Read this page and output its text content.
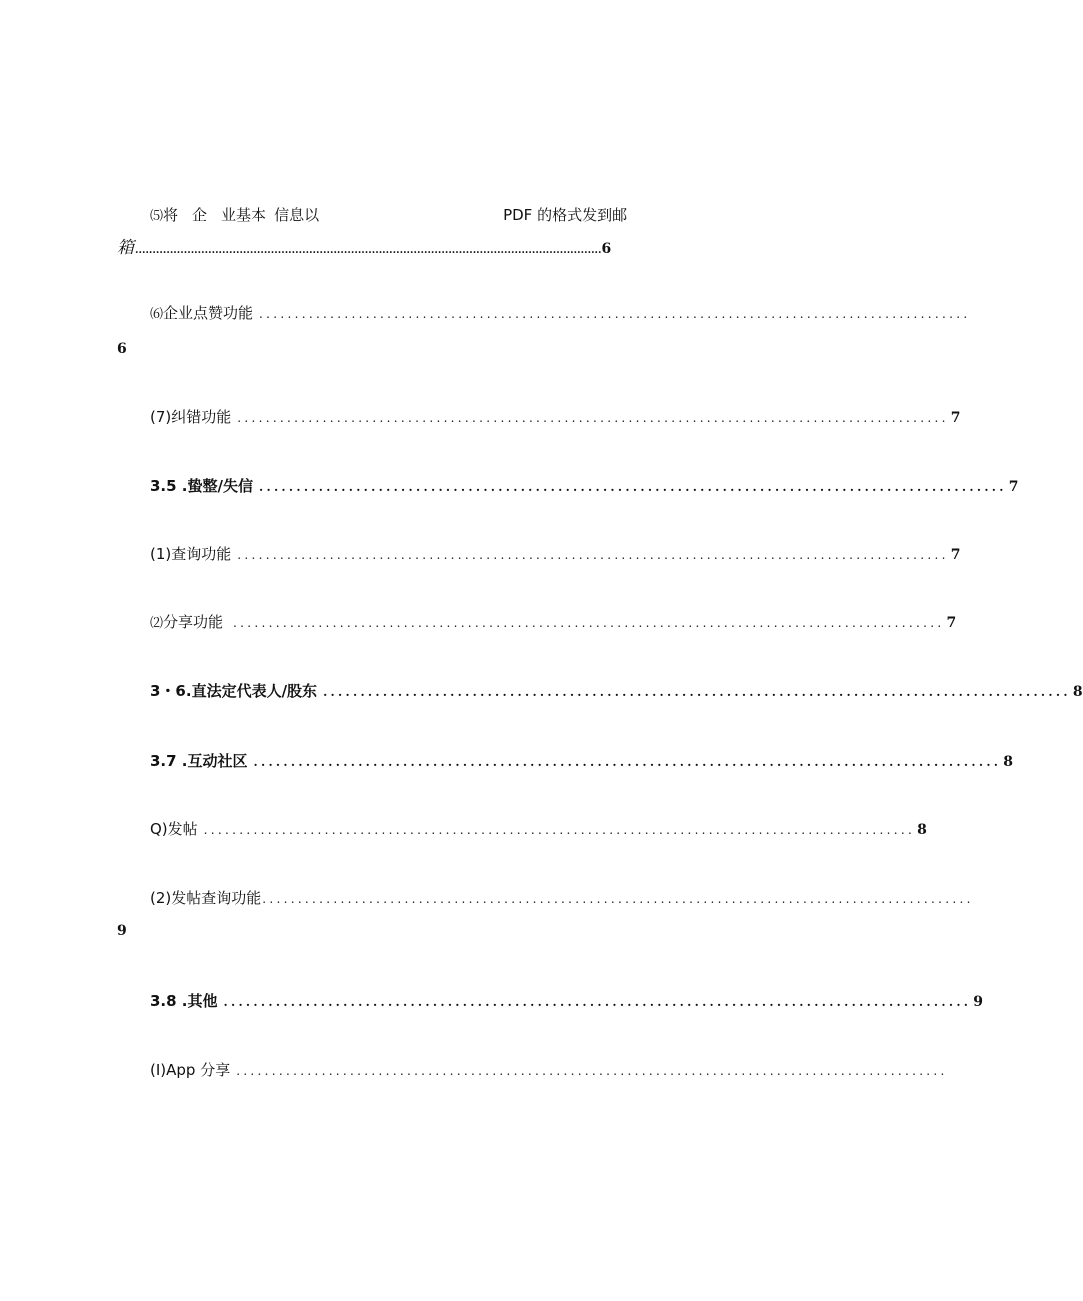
⑸ 将 企 业基本 信息以	PDF 的格式发到邮
箱 ...................................................................................................................................... 6
⑹ 企业点赞功能 ....................................................................................................
6
(7)纠错功能 .................................................................................................... 7
3.5 .蛰整/失信 .................................................................................................... 7
(1)查询功能 .................................................................................................... 7
⑵ 分享功能 .................................................................................................... 7
3・6.直法定代表人/股东 .................................................................................................... 8
3.7 .互动社区 .................................................................................................... 8
Q)发帖 .................................................................................................... 8
(2)发帖查询功能 ....................................................................................................
9
3.8 .其他 .................................................................................................... 9
(I)App 分享 ....................................................................................................
